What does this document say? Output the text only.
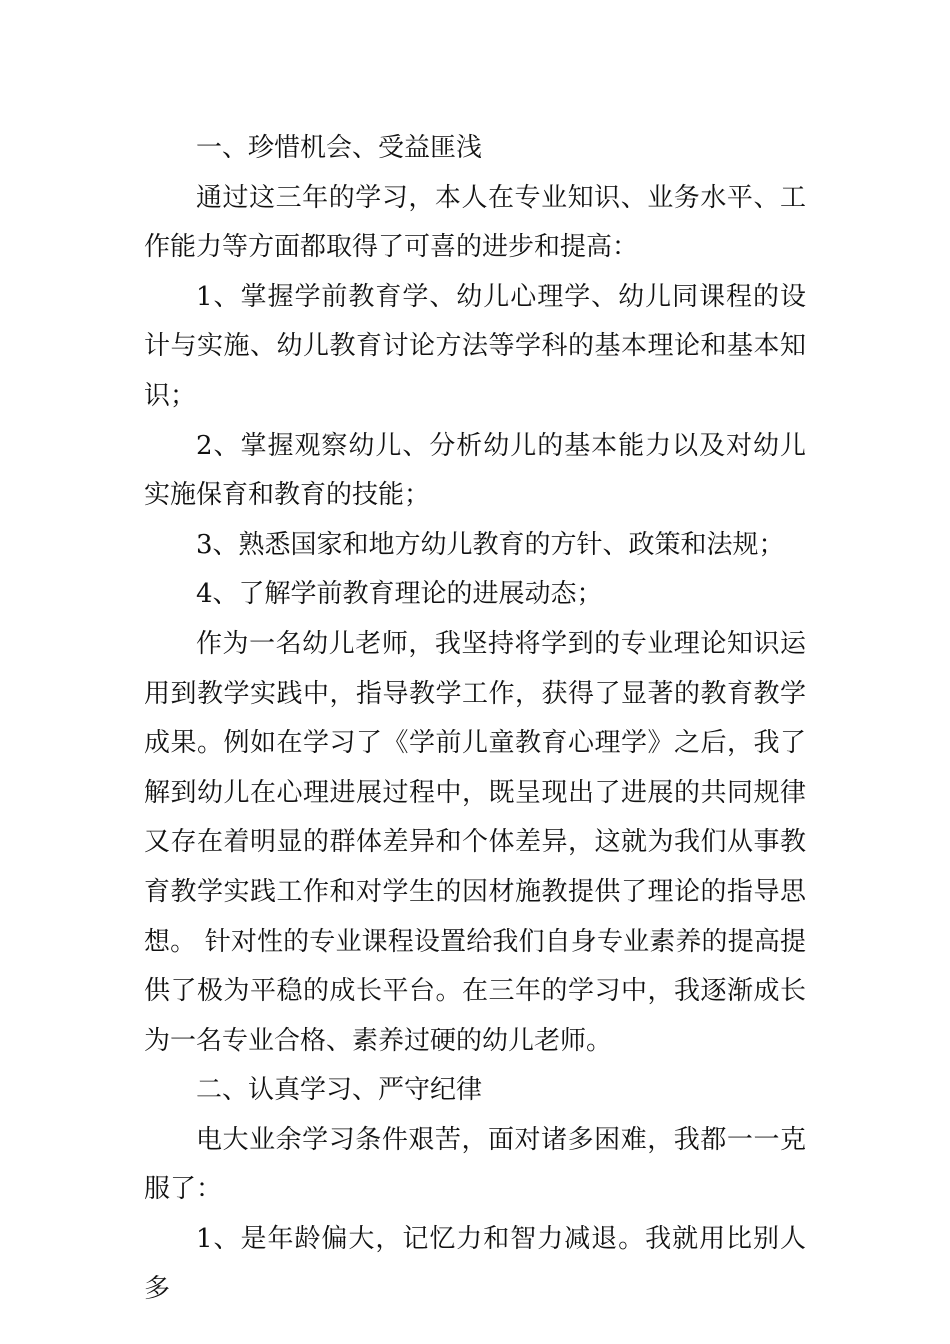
一、珍惜机会、受益匪浅

通过这三年的学习，本人在专业知识、业务水平、工作能力等方面都取得了可喜的进步和提高：

1、掌握学前教育学、幼儿心理学、幼儿同课程的设计与实施、幼儿教育讨论方法等学科的基本理论和基本知识；

2、掌握观察幼儿、分析幼儿的基本能力以及对幼儿实施保育和教育的技能；

3、熟悉国家和地方幼儿教育的方针、政策和法规；

4、了解学前教育理论的进展动态；

作为一名幼儿老师，我坚持将学到的专业理论知识运用到教学实践中，指导教学工作，获得了显著的教育教学成果。例如在学习了《学前儿童教育心理学》之后，我了解到幼儿在心理进展过程中，既呈现出了进展的共同规律又存在着明显的群体差异和个体差异，这就为我们从事教育教学实践工作和对学生的因材施教提供了理论的指导思想。 针对性的专业课程设置给我们自身专业素养的提高提供了极为平稳的成长平台。在三年的学习中，我逐渐成长为一名专业合格、素养过硬的幼儿老师。

二、认真学习、严守纪律

电大业余学习条件艰苦，面对诸多困难，我都一一克服了：

1、是年龄偏大，记忆力和智力减退。我就用比别人多
